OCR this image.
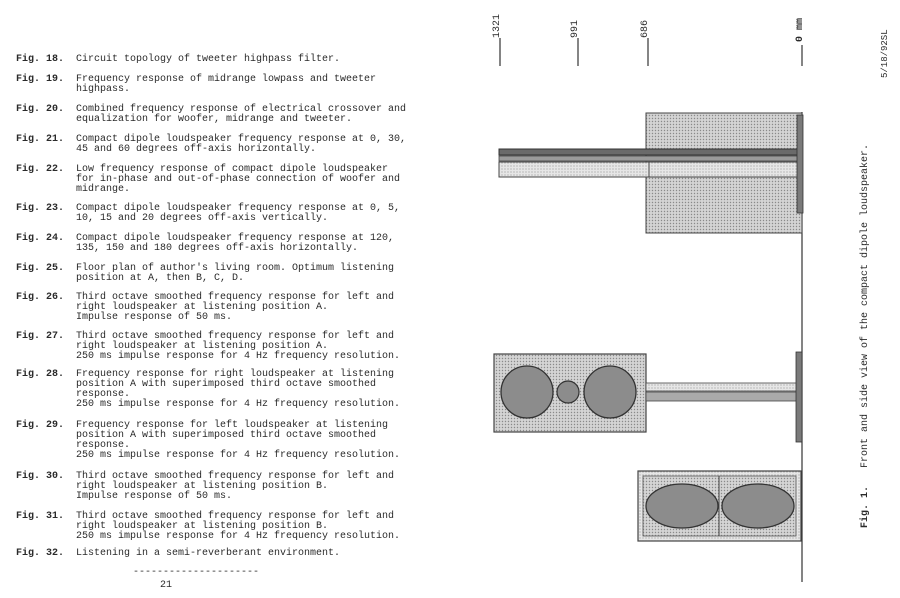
Fig. 18. Circuit topology of tweeter highpass filter.
Fig. 19. Frequency response of midrange lowpass and tweeter
highpass.
Fig. 20. Combined frequency response of electrical crossover and
equalization for woofer, midrange and tweeter.
Fig. 21. Compact dipole loudspeaker frequency response at 0, 30,
45 and 60 degrees off-axis horizontally.
Fig. 22. Low frequency response of compact dipole loudspeaker
for in-phase and out-of-phase connection of woofer and
midrange.
Fig. 23. Compact dipole loudspeaker frequency response at 0, 5,
10, 15 and 20 degrees off-axis vertically.
Fig. 24. Compact dipole loudspeaker frequency response at 120,
135, 150 and 180 degrees off-axis horizontally.
Fig. 25. Floor plan of author's living room. Optimum listening
position at A, then B, C, D.
Fig. 26. Third octave smoothed frequency response for left and
right loudspeaker at listening position A.
Impulse response of 50 ms.
Fig. 27. Third octave smoothed frequency response for left and
right loudspeaker at listening position A.
250 ms impulse response for 4 Hz frequency resolution.
Fig. 28. Frequency response for right loudspeaker at listening
position A with superimposed third octave smoothed
response.
250 ms impulse response for 4 Hz frequency resolution.
Fig. 29. Frequency response for left loudspeaker at listening
position A with superimposed third octave smoothed
response.
250 ms impulse response for 4 Hz frequency resolution.
Fig. 30. Third octave smoothed frequency response for left and
right loudspeaker at listening position B.
Impulse response of 50 ms.
Fig. 31. Third octave smoothed frequency response for left and
right loudspeaker at listening position B.
250 ms impulse response for 4 Hz frequency resolution.
Fig. 32. Listening in a semi-reverberant environment.
---------------------
21
1321	991	686	0 mm
Fig. 1.
Front and side view of the compact dipole loudspeaker.
5/18/92SL
